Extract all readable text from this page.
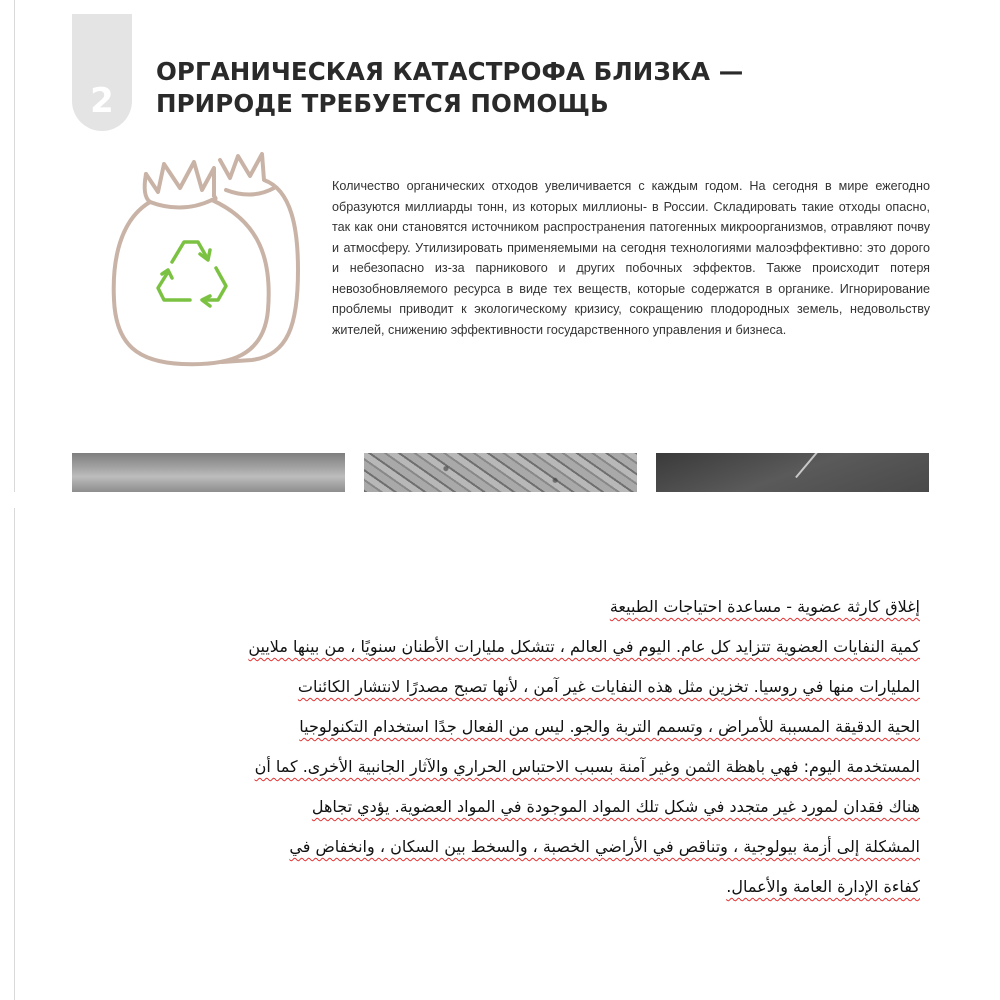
2
ОРГАНИЧЕСКАЯ КАТАСТРОФА БЛИЗКА —
ПРИРОДЕ ТРЕБУЕТСЯ ПОМОЩЬ

Количество органических отходов увеличивается с каждым годом. На сегодня в мире ежегодно образуются миллиарды тонн, из которых миллионы- в России. Складировать такие отходы опасно, так как они становятся источником распространения патогенных микроорганизмов, отравляют почву и атмосферу. Утилизировать применяемыми на сегодня технологиями малоэффективно: это дорого и небезопасно из-за парникового и других побочных эффектов. Также происходит потеря невозобновляемого ресурса в виде тех веществ, которые содержатся в органике. Игнорирование проблемы приводит к экологическому кризису, сокращению плодородных земель, недовольству жителей, снижению эффективности государственного управления и бизнеса.

إغلاق كارثة عضوية - مساعدة احتياجات الطبيعة
كمية النفايات العضوية تتزايد كل عام. اليوم في العالم ، تتشكل مليارات الأطنان سنويًا ، من بينها ملايين
المليارات منها في روسيا. تخزين مثل هذه النفايات غير آمن ، لأنها تصبح مصدرًا لانتشار الكائنات
الحية الدقيقة المسببة للأمراض ، وتسمم التربة والجو. ليس من الفعال جدًا استخدام التكنولوجيا
المستخدمة اليوم: فهي باهظة الثمن وغير آمنة بسبب الاحتباس الحراري والآثار الجانبية الأخرى. كما أن
هناك فقدان لمورد غير متجدد في شكل تلك المواد الموجودة في المواد العضوية. يؤدي تجاهل
المشكلة إلى أزمة بيولوجية ، وتناقص في الأراضي الخصبة ، والسخط بين السكان ، وانخفاض في
كفاءة الإدارة العامة والأعمال.
